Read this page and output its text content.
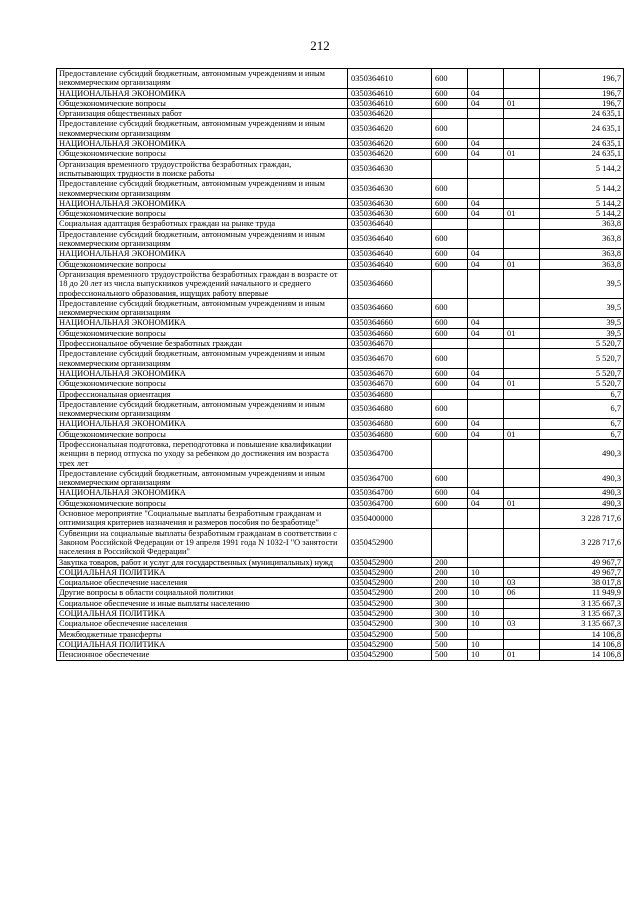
212
Предоставление субсидий бюджетным, автономным учреждениям и иным некоммерческим организациям	0350364610	600			196,7
НАЦИОНАЛЬНАЯ ЭКОНОМИКА	0350364610	600	04		196,7
Общеэкономические вопросы	0350364610	600	04	01	196,7
Организация общественных работ	0350364620				24 635,1
Предоставление субсидий бюджетным, автономным учреждениям и иным некоммерческим организациям	0350364620	600			24 635,1
НАЦИОНАЛЬНАЯ ЭКОНОМИКА	0350364620	600	04		24 635,1
Общеэкономические вопросы	0350364620	600	04	01	24 635,1
Организация временного трудоустройства безработных граждан, испытывающих трудности в поиске работы	0350364630				5 144,2
Предоставление субсидий бюджетным, автономным учреждениям и иным некоммерческим организациям	0350364630	600			5 144,2
НАЦИОНАЛЬНАЯ ЭКОНОМИКА	0350364630	600	04		5 144,2
Общеэкономические вопросы	0350364630	600	04	01	5 144,2
Социальная адаптация безработных граждан на рынке труда	0350364640				363,8
Предоставление субсидий бюджетным, автономным учреждениям и иным некоммерческим организациям	0350364640	600			363,8
НАЦИОНАЛЬНАЯ ЭКОНОМИКА	0350364640	600	04		363,8
Общеэкономические вопросы	0350364640	600	04	01	363,8
Организация временного трудоустройства безработных граждан в возрасте от 18 до 20 лет из числа выпускников учреждений начального и среднего профессионального образования, ищущих работу впервые	0350364660				39,5
Предоставление субсидий бюджетным, автономным учреждениям и иным некоммерческим организациям	0350364660	600			39,5
НАЦИОНАЛЬНАЯ ЭКОНОМИКА	0350364660	600	04		39,5
Общеэкономические вопросы	0350364660	600	04	01	39,5
Профессиональное обучение безработных граждан	0350364670				5 520,7
Предоставление субсидий бюджетным, автономным учреждениям и иным некоммерческим организациям	0350364670	600			5 520,7
НАЦИОНАЛЬНАЯ ЭКОНОМИКА	0350364670	600	04		5 520,7
Общеэкономические вопросы	0350364670	600	04	01	5 520,7
Профессиональная ориентация	0350364680				6,7
Предоставление субсидий бюджетным, автономным учреждениям и иным некоммерческим организациям	0350364680	600			6,7
НАЦИОНАЛЬНАЯ ЭКОНОМИКА	0350364680	600	04		6,7
Общеэкономические вопросы	0350364680	600	04	01	6,7
Профессиональная подготовка, переподготовка и повышение квалификации женщин в период отпуска по уходу за ребенком до достижения им возраста трех лет	0350364700				490,3
Предоставление субсидий бюджетным, автономным учреждениям и иным некоммерческим организациям	0350364700	600			490,3
НАЦИОНАЛЬНАЯ ЭКОНОМИКА	0350364700	600	04		490,3
Общеэкономические вопросы	0350364700	600	04	01	490,3
Основное мероприятие "Социальные выплаты безработным гражданам и оптимизация критериев назначения и размеров пособия по безработице"	0350400000				3 228 717,6
Субвенции на социальные выплаты безработным гражданам в соответствии с Законом Российской Федерации от 19 апреля 1991 года N 1032-I "О занятости населения в Российской Федерации"	0350452900				3 228 717,6
Закупка товаров, работ и услуг для государственных (муниципальных) нужд	0350452900	200			49 967,7
СОЦИАЛЬНАЯ ПОЛИТИКА	0350452900	200	10		49 967,7
Социальное обеспечение населения	0350452900	200	10	03	38 017,8
Другие вопросы в области социальной политики	0350452900	200	10	06	11 949,9
Социальное обеспечение и иные выплаты населению	0350452900	300			3 135 667,3
СОЦИАЛЬНАЯ ПОЛИТИКА	0350452900	300	10		3 135 667,3
Социальное обеспечение населения	0350452900	300	10	03	3 135 667,3
Межбюджетные трансферты	0350452900	500			14 106,8
СОЦИАЛЬНАЯ ПОЛИТИКА	0350452900	500	10		14 106,8
Пенсионное обеспечение	0350452900	500	10	01	14 106,8
